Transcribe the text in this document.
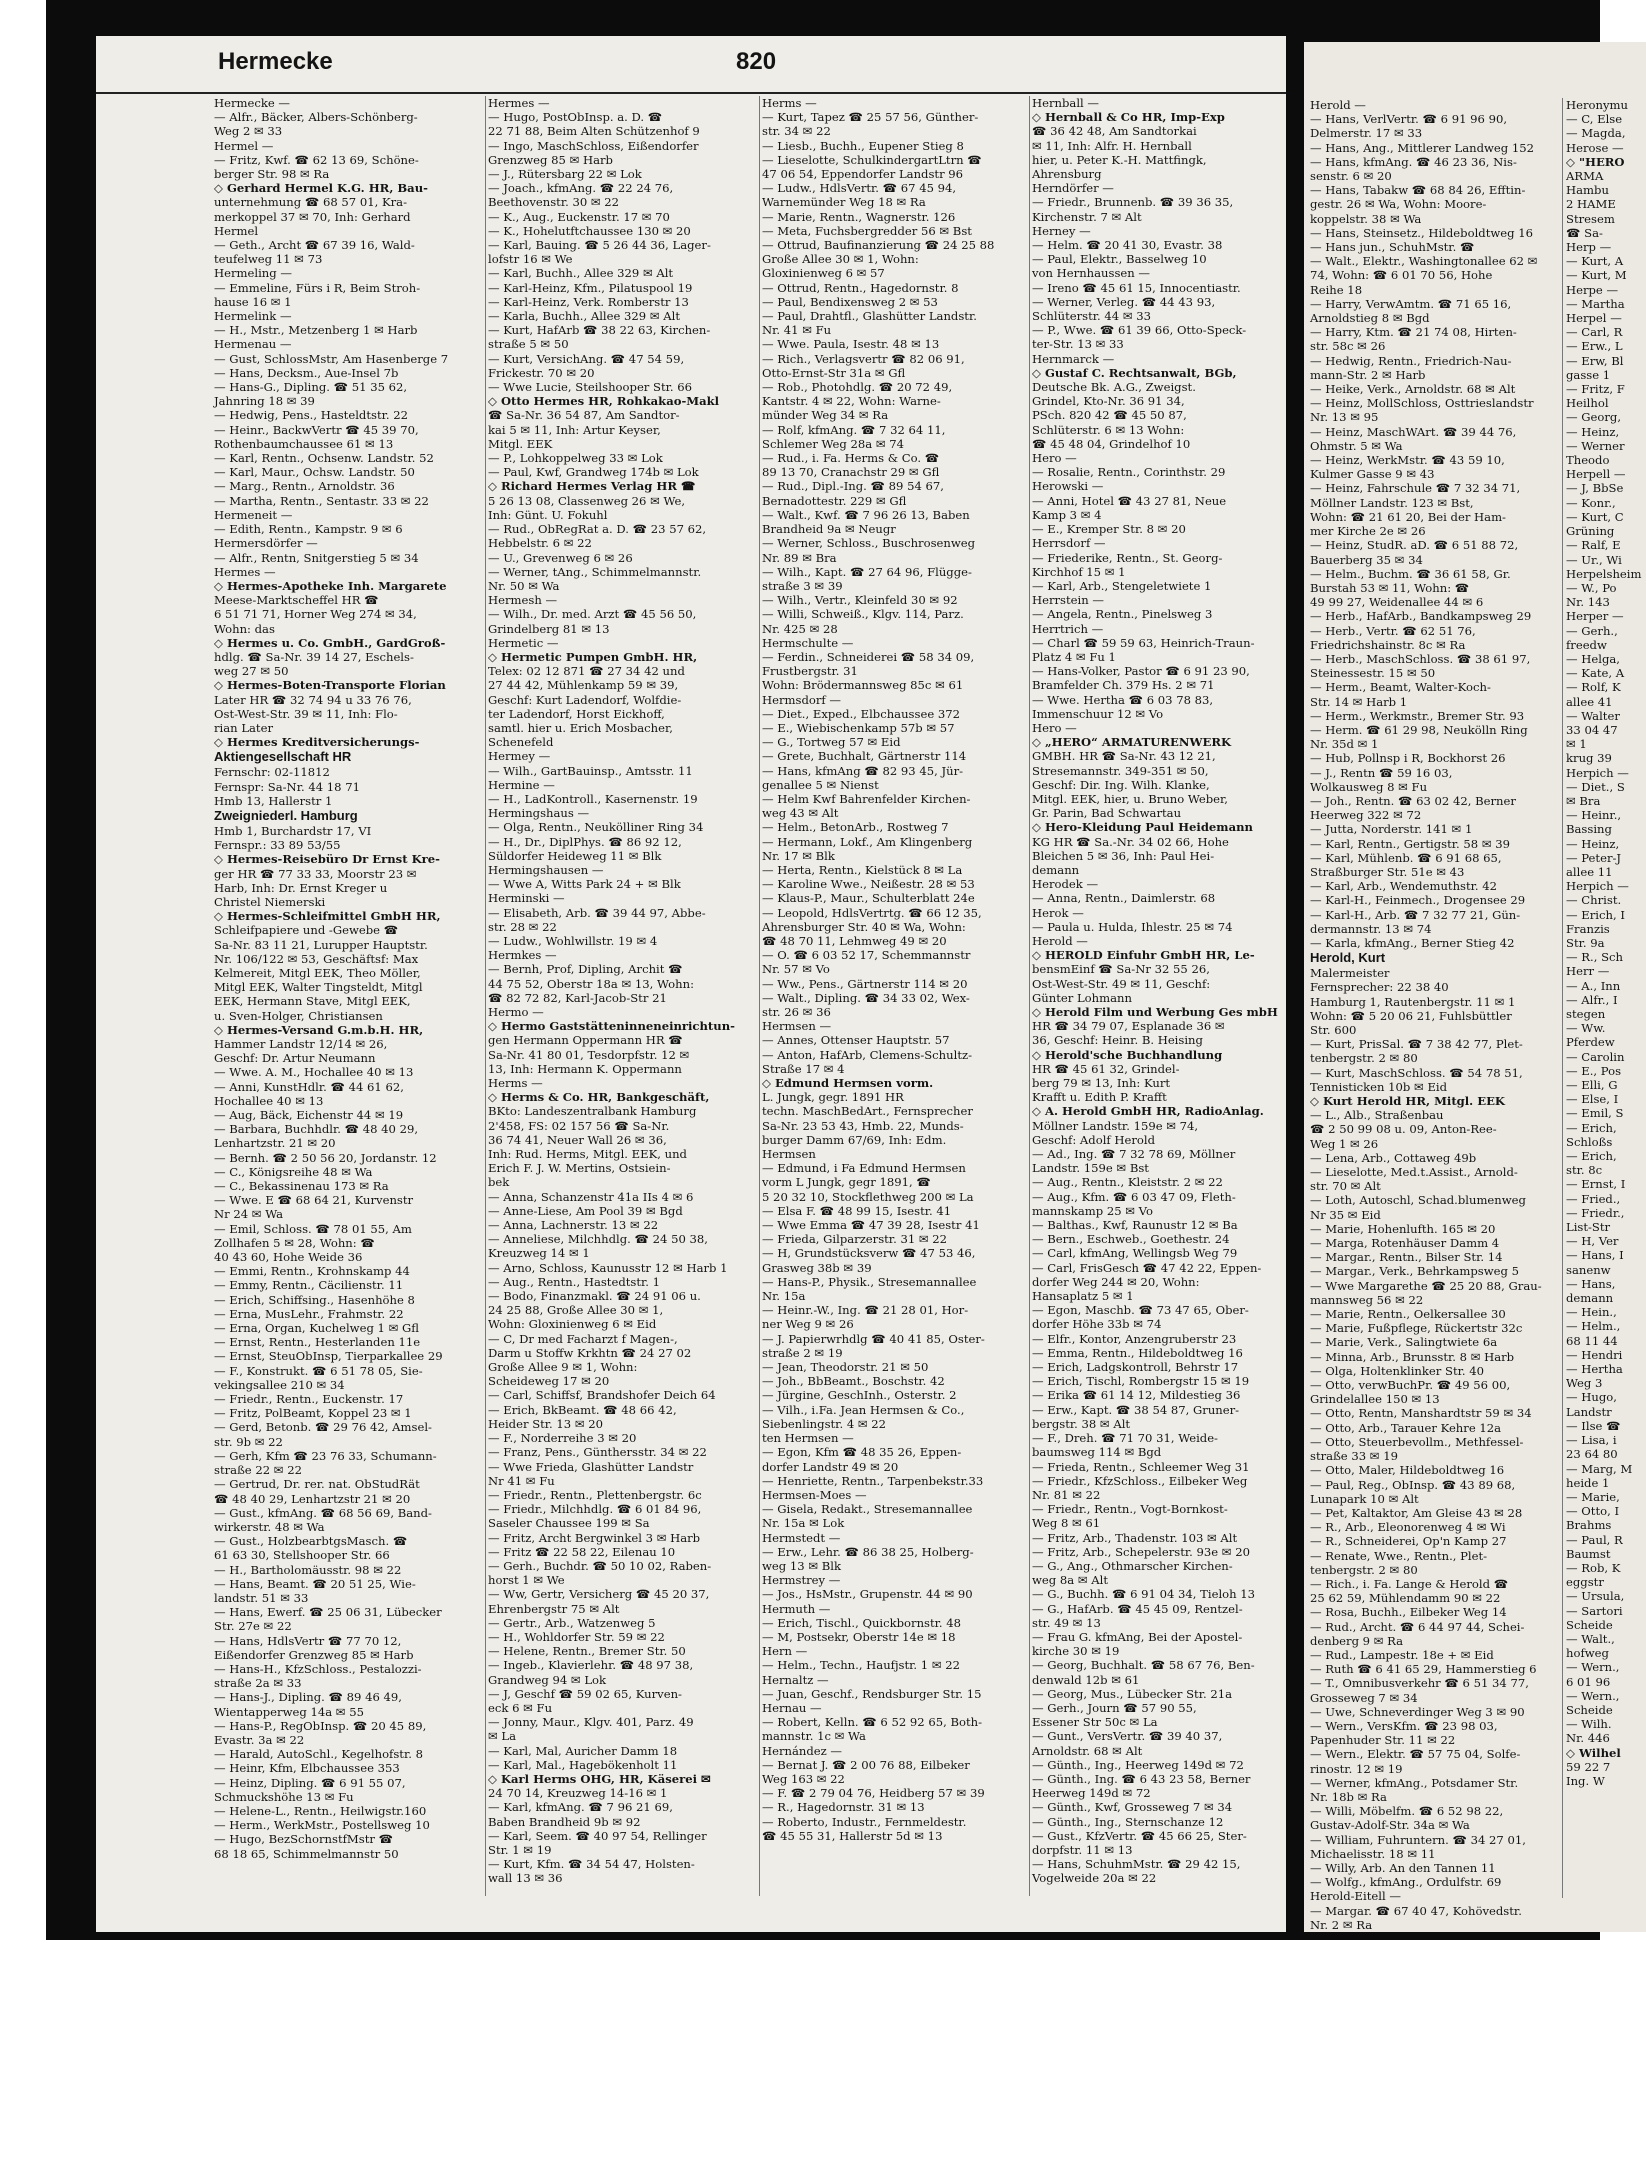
Hermecke	820
Hermecke —
— Alfr., Bäcker, Albers-Schönberg-
Weg 2 ✉ 33
Hermel —
— Fritz, Kwf. ☎ 62 13 69, Schöne-
berger Str. 98 ✉ Ra
◇ Gerhard Hermel K.G. HR, Bau-
unternehmung ☎ 68 57 01, Kra-
merkoppel 37 ✉ 70, Inh: Gerhard
Hermel
— Geth., Archt ☎ 67 39 16, Wald-
teufelweg 11 ✉ 73
Hermeling —
— Emmeline, Fürs i R, Beim Stroh-
hause 16 ✉ 1
Hermelink —
— H., Mstr., Metzenberg 1 ✉ Harb
Hermenau —
— Gust, SchlossMstr, Am Hasenberge 7
— Hans, Decksm., Aue-Insel 7b
— Hans-G., Dipling. ☎ 51 35 62,
Jahnring 18 ✉ 39
— Hedwig, Pens., Hasteldtstr. 22
— Heinr., BackwVertr ☎ 45 39 70,
Rothenbaumchaussee 61 ✉ 13
— Karl, Rentn., Ochsenw. Landstr. 52
— Karl, Maur., Ochsw. Landstr. 50
— Marg., Rentn., Arnoldstr. 36
— Martha, Rentn., Sentastr. 33 ✉ 22
Hermeneit —
— Edith, Rentn., Kampstr. 9 ✉ 6
Hermersdörfer —
— Alfr., Rentn, Snitgerstieg 5 ✉ 34
Hermes —
◇ Hermes-Apotheke Inh. Margarete
Meese-Marktscheffel HR ☎
6 51 71 71, Horner Weg 274 ✉ 34,
Wohn: das
◇ Hermes u. Co. GmbH., GardGroß-
hdlg. ☎ Sa-Nr. 39 14 27, Eschels-
weg 27 ✉ 50
◇ Hermes-Boten-Transporte Florian
Later HR ☎ 32 74 94 u 33 76 76,
Ost-West-Str. 39 ✉ 11, Inh: Flo-
rian Later
◇ Hermes Kreditversicherungs-
Aktiengesellschaft HR
Fernschr: 02-11812
Fernspr: Sa-Nr. 44 18 71
Hmb 13, Hallerstr 1
Zweigniederl. Hamburg
Hmb 1, Burchardstr 17, VI
Fernspr.: 33 89 53/55
◇ Hermes-Reisebüro Dr Ernst Kre-
ger HR ☎ 77 33 33, Moorstr 23 ✉
Harb, Inh: Dr. Ernst Kreger u
Christel Niemerski
◇ Hermes-Schleifmittel GmbH HR,
Schleifpapiere und -Gewebe ☎
Sa-Nr. 83 11 21, Lurupper Hauptstr.
Nr. 106/122 ✉ 53, Geschäftsf: Max
Kelmereit, Mitgl EEK, Theo Möller,
Mitgl EEK, Walter Tingsteldt, Mitgl
EEK, Hermann Stave, Mitgl EEK,
u. Sven-Holger, Christiansen
◇ Hermes-Versand G.m.b.H. HR,
Hammer Landstr 12/14 ✉ 26,
Geschf: Dr. Artur Neumann
— Wwe. A. M., Hochallee 40 ✉ 13
— Anni, KunstHdlr. ☎ 44 61 62,
Hochallee 40 ✉ 13
— Aug, Bäck, Eichenstr 44 ✉ 19
— Barbara, Buchhdlr. ☎ 48 40 29,
Lenhartzstr. 21 ✉ 20
— Bernh. ☎ 2 50 56 20, Jordanstr. 12
— C., Königsreihe 48 ✉ Wa
— C., Bekassinenau 173 ✉ Ra
— Wwe. E ☎ 68 64 21, Kurvenstr
Nr 24 ✉ Wa
— Emil, Schloss. ☎ 78 01 55, Am
Zollhafen 5 ✉ 28, Wohn: ☎
40 43 60, Hohe Weide 36
— Emmi, Rentn., Krohnskamp 44
— Emmy, Rentn., Cäcilienstr. 11
— Erich, Schiffsing., Hasenhöhe 8
— Erna, MusLehr., Frahmstr. 22
— Erna, Organ, Kuchelweg 1 ✉ Gfl
— Ernst, Rentn., Hesterlanden 11e
— Ernst, SteuObInsp, Tierparkallee 29
— F., Konstrukt. ☎ 6 51 78 05, Sie-
vekingsallee 210 ✉ 34
— Friedr., Rentn., Euckenstr. 17
— Fritz, PolBeamt, Koppel 23 ✉ 1
— Gerd, Betonb. ☎ 29 76 42, Amsel-
str. 9b ✉ 22
— Gerh, Kfm ☎ 23 76 33, Schumann-
straße 22 ✉ 22
— Gertrud, Dr. rer. nat. ObStudRät
☎ 48 40 29, Lenhartzstr 21 ✉ 20
— Gust., kfmAng. ☎ 68 56 69, Band-
wirkerstr. 48 ✉ Wa
— Gust., HolzbearbtgsMasch. ☎
61 63 30, Stellshooper Str. 66
— H., Bartholomäusstr. 98 ✉ 22
— Hans, Beamt. ☎ 20 51 25, Wie-
landstr. 51 ✉ 33
— Hans, Ewerf. ☎ 25 06 31, Lübecker
Str. 27e ✉ 22
— Hans, HdlsVertr ☎ 77 70 12,
Eißendorfer Grenzweg 85 ✉ Harb
— Hans-H., KfzSchloss., Pestalozzi-
straße 2a ✉ 33
— Hans-J., Dipling. ☎ 89 46 49,
Wientapperweg 14a ✉ 55
— Hans-P., RegObInsp. ☎ 20 45 89,
Evastr. 3a ✉ 22
— Harald, AutoSchl., Kegelhofstr. 8
— Heinr, Kfm, Elbchaussee 353
— Heinz, Dipling. ☎ 6 91 55 07,
Schmuckshöhe 13 ✉ Fu
— Helene-L., Rentn., Heilwigstr.160
— Herm., WerkMstr., Postellsweg 10
— Hugo, BezSchornstfMstr ☎
68 18 65, Schimmelmannstr 50
Hermes —
— Hugo, PostObInsp. a. D. ☎
22 71 88, Beim Alten Schützenhof 9
— Ingo, MaschSchloss, Eißendorfer
Grenzweg 85 ✉ Harb
— J., Rütersbarg 22 ✉ Lok
— Joach., kfmAng. ☎ 22 24 76,
Beethovenstr. 30 ✉ 22
— K., Aug., Euckenstr. 17 ✉ 70
— K., Hohelutftchaussee 130 ✉ 20
— Karl, Bauing. ☎ 5 26 44 36, Lager-
lofstr 16 ✉ We
— Karl, Buchh., Allee 329 ✉ Alt
— Karl-Heinz, Kfm., Pilatuspool 19
— Karl-Heinz, Verk. Romberstr 13
— Karla, Buchh., Allee 329 ✉ Alt
— Kurt, HafArb ☎ 38 22 63, Kirchen-
straße 5 ✉ 50
— Kurt, VersichAng. ☎ 47 54 59,
Frickestr. 70 ✉ 20
— Wwe Lucie, Steilshooper Str. 66
◇ Otto Hermes HR, Rohkakao-Makl
☎ Sa-Nr. 36 54 87, Am Sandtor-
kai 5 ✉ 11, Inh: Artur Keyser,
Mitgl. EEK
— P., Lohkoppelweg 33 ✉ Lok
— Paul, Kwf, Grandweg 174b ✉ Lok
◇ Richard Hermes Verlag HR ☎
5 26 13 08, Classenweg 26 ✉ We,
Inh: Günt. U. Fokuhl
— Rud., ObRegRat a. D. ☎ 23 57 62,
Hebbelstr. 6 ✉ 22
— U., Grevenweg 6 ✉ 26
— Werner, tAng., Schimmelmannstr.
Nr. 50 ✉ Wa
Hermesh —
— Wilh., Dr. med. Arzt ☎ 45 56 50,
Grindelberg 81 ✉ 13
Hermetic —
◇ Hermetic Pumpen GmbH. HR,
Telex: 02 12 871 ☎ 27 34 42 und
27 44 42, Mühlenkamp 59 ✉ 39,
Geschf: Kurt Ladendorf, Wolfdie-
ter Ladendorf, Horst Eickhoff,
samtl. hier u. Erich Mosbacher,
Schenefeld
Hermey —
— Wilh., GartBauinsp., Amtsstr. 11
Hermine —
— H., LadKontroll., Kasernenstr. 19
Hermingshaus —
— Olga, Rentn., Neukölliner Ring 34
— H., Dr., DiplPhys. ☎ 86 92 12,
Süldorfer Heideweg 11 ✉ Blk
Hermingshausen —
— Wwe A, Witts Park 24 + ✉ Blk
Herminski —
— Elisabeth, Arb. ☎ 39 44 97, Abbe-
str. 28 ✉ 22
— Ludw., Wohlwillstr. 19 ✉ 4
Hermkes —
— Bernh, Prof, Dipling, Archit ☎
44 75 52, Oberstr 18a ✉ 13, Wohn:
☎ 82 72 82, Karl-Jacob-Str 21
Hermo —
◇ Hermo Gaststätteninneneinrichtun-
gen Hermann Oppermann HR ☎
Sa-Nr. 41 80 01, Tesdorpfstr. 12 ✉
13, Inh: Hermann K. Oppermann
Herms —
◇ Herms & Co. HR, Bankgeschäft,
BKto: Landeszentralbank Hamburg
2'458, FS: 02 157 56 ☎ Sa-Nr.
36 74 41, Neuer Wall 26 ✉ 36,
Inh: Rud. Herms, Mitgl. EEK, und
Erich F. J. W. Mertins, Ostsiein-
bek
— Anna, Schanzenstr 41a IIs 4 ✉ 6
— Anne-Liese, Am Pool 39 ✉ Bgd
— Anna, Lachnerstr. 13 ✉ 22
— Anneliese, Milchhdlg. ☎ 24 50 38,
Kreuzweg 14 ✉ 1
— Arno, Schloss, Kaunusstr 12 ✉ Harb 1
— Aug., Rentn., Hastedtstr. 1
— Bodo, Finanzmakl. ☎ 24 91 06 u.
24 25 88, Große Allee 30 ✉ 1,
Wohn: Gloxinienweg 6 ✉ Eid
— C, Dr med Facharzt f Magen-,
Darm u Stoffw Krkhtn ☎ 24 27 02
Große Allee 9 ✉ 1, Wohn:
Scheideweg 17 ✉ 20
— Carl, Schiffsf, Brandshofer Deich 64
— Erich, BkBeamt. ☎ 48 66 42,
Heider Str. 13 ✉ 20
— F., Norderreihe 3 ✉ 20
— Franz, Pens., Günthersstr. 34 ✉ 22
— Wwe Frieda, Glashütter Landstr
Nr 41 ✉ Fu
— Friedr., Rentn., Plettenbergstr. 6c
— Friedr., Milchhdlg. ☎ 6 01 84 96,
Saseler Chaussee 199 ✉ Sa
— Fritz, Archt Bergwinkel 3 ✉ Harb
— Fritz ☎ 22 58 22, Eilenau 10
— Gerh., Buchdr. ☎ 50 10 02, Raben-
horst 1 ✉ We
— Ww, Gertr, Versicherg ☎ 45 20 37,
Ehrenbergstr 75 ✉ Alt
— Gertr., Arb., Watzenweg 5
— H., Wohldorfer Str. 59 ✉ 22
— Helene, Rentn., Bremer Str. 50
— Ingeb., Klavierlehr. ☎ 48 97 38,
Grandweg 94 ✉ Lok
— J, Geschf ☎ 59 02 65, Kurven-
eck 6 ✉ Fu
— Jonny, Maur., Klgv. 401, Parz. 49
✉ La
— Karl, Mal, Auricher Damm 18
— Karl, Mal., Hagebökenholt 11
◇ Karl Herms OHG, HR, Käserei ✉
24 70 14, Kreuzweg 14-16 ✉ 1
— Karl, kfmAng. ☎ 7 96 21 69,
Baben Brandheid 9b ✉ 92
— Karl, Seem. ☎ 40 97 54, Rellinger
Str. 1 ✉ 19
— Kurt, Kfm. ☎ 34 54 47, Holsten-
wall 13 ✉ 36
Herms —
— Kurt, Tapez ☎ 25 57 56, Günther-
str. 34 ✉ 22
— Liesb., Buchh., Eupener Stieg 8
— Lieselotte, SchulkindergartLtrn ☎
47 06 54, Eppendorfer Landstr 96
— Ludw., HdlsVertr. ☎ 67 45 94,
Warnemünder Weg 18 ✉ Ra
— Marie, Rentn., Wagnerstr. 126
— Meta, Fuchsbergredder 56 ✉ Bst
— Ottrud, Baufinanzierung ☎ 24 25 88
Große Allee 30 ✉ 1, Wohn:
Gloxinienweg 6 ✉ 57
— Ottrud, Rentn., Hagedornstr. 8
— Paul, Bendixensweg 2 ✉ 53
— Paul, Drahtfl., Glashütter Landstr.
Nr. 41 ✉ Fu
— Wwe. Paula, Isestr. 48 ✉ 13
— Rich., Verlagsvertr ☎ 82 06 91,
Otto-Ernst-Str 31a ✉ Gfl
— Rob., Photohdlg. ☎ 20 72 49,
Kantstr. 4 ✉ 22, Wohn: Warne-
münder Weg 34 ✉ Ra
— Rolf, kfmAng. ☎ 7 32 64 11,
Schlemer Weg 28a ✉ 74
— Rud., i. Fa. Herms & Co. ☎
89 13 70, Cranachstr 29 ✉ Gfl
— Rud., Dipl.-Ing. ☎ 89 54 67,
Bernadottestr. 229 ✉ Gfl
— Walt., Kwf. ☎ 7 96 26 13, Baben
Brandheid 9a ✉ Neugr
— Werner, Schloss., Buschrosenweg
Nr. 89 ✉ Bra
— Wilh., Kapt. ☎ 27 64 96, Flügge-
straße 3 ✉ 39
— Wilh., Vertr., Kleinfeld 30 ✉ 92
— Willi, Schweiß., Klgv. 114, Parz.
Nr. 425 ✉ 28
Hermschulte —
— Ferdin., Schneiderei ☎ 58 34 09,
Frustbergstr. 31
Wohn: Brödermannsweg 85c ✉ 61
Hermsdorf —
— Diet., Exped., Elbchaussee 372
— E., Wiebischenkamp 57b ✉ 57
— G., Tortweg 57 ✉ Eid
— Grete, Buchhalt, Gärtnerstr 114
— Hans, kfmAng ☎ 82 93 45, Jür-
genallee 5 ✉ Nienst
— Helm Kwf Bahrenfelder Kirchen-
weg 43 ✉ Alt
— Helm., BetonArb., Rostweg 7
— Hermann, Lokf., Am Klingenberg
Nr. 17 ✉ Blk
— Herta, Rentn., Kielstück 8 ✉ La
— Karoline Wwe., Neißestr. 28 ✉ 53
— Klaus-P., Maur., Schulterblatt 24e
— Leopold, HdlsVertrtg. ☎ 66 12 35,
Ahrensburger Str. 40 ✉ Wa, Wohn:
☎ 48 70 11, Lehmweg 49 ✉ 20
— O. ☎ 6 03 52 17, Schemmannstr
Nr. 57 ✉ Vo
— Ww., Pens., Gärtnerstr 114 ✉ 20
— Walt., Dipling. ☎ 34 33 02, Wex-
str. 26 ✉ 36
Hermsen —
— Annes, Ottenser Hauptstr. 57
— Anton, HafArb, Clemens-Schultz-
Straße 17 ✉ 4
◇ Edmund Hermsen vorm.
L. Jungk, gegr. 1891 HR
techn. MaschBedArt., Fernsprecher
Sa-Nr. 23 53 43, Hmb. 22, Munds-
burger Damm 67/69, Inh: Edm.
Hermsen
— Edmund, i Fa Edmund Hermsen
vorm L Jungk, gegr 1891, ☎
5 20 32 10, Stockflethweg 200 ✉ La
— Elsa F. ☎ 48 99 15, Isestr. 41
— Wwe Emma ☎ 47 39 28, Isestr 41
— Frieda, Gilparzerstr. 31 ✉ 22
— H, Grundstücksverw ☎ 47 53 46,
Grasweg 38b ✉ 39
— Hans-P., Physik., Stresemannallee
Nr. 15a
— Heinr.-W., Ing. ☎ 21 28 01, Hor-
ner Weg 9 ✉ 26
— J. Papierwrhdlg ☎ 40 41 85, Oster-
straße 2 ✉ 19
— Jean, Theodorstr. 21 ✉ 50
— Joh., BbBeamt., Boschstr. 42
— Jürgine, GeschInh., Osterstr. 2
— Vilh., i.Fa. Jean Hermsen & Co.,
Siebenlingstr. 4 ✉ 22
ten Hermsen —
— Egon, Kfm ☎ 48 35 26, Eppen-
dorfer Landstr 49 ✉ 20
— Henriette, Rentn., Tarpenbekstr.33
Hermsen-Moes —
— Gisela, Redakt., Stresemannallee
Nr. 15a ✉ Lok
Hermstedt —
— Erw., Lehr. ☎ 86 38 25, Holberg-
weg 13 ✉ Blk
Hermstrey —
— Jos., HsMstr., Grupenstr. 44 ✉ 90
Hermuth —
— Erich, Tischl., Quickbornstr. 48
— M, Postsekr, Oberstr 14e ✉ 18
Hern —
— Helm., Techn., Haufjstr. 1 ✉ 22
Hernaltz —
— Juan, Geschf., Rendsburger Str. 15
Hernau —
— Robert, Kelln. ☎ 6 52 92 65, Both-
mannstr. 1c ✉ Wa
Hernández —
— Bernat J. ☎ 2 00 76 88, Eilbeker
Weg 163 ✉ 22
— F. ☎ 2 79 04 76, Heidberg 57 ✉ 39
— R., Hagedornstr. 31 ✉ 13
— Roberto, Industr., Fernmeldestr.
☎ 45 55 31, Hallerstr 5d ✉ 13
Hernball —
◇ Hernball & Co HR, Imp-Exp
☎ 36 42 48, Am Sandtorkai
✉ 11, Inh: Alfr. H. Hernball
hier, u. Peter K.-H. Mattfingk,
Ahrensburg
Herndörfer —
— Friedr., Brunnenb. ☎ 39 36 35,
Kirchenstr. 7 ✉ Alt
Herney —
— Helm. ☎ 20 41 30, Evastr. 38
— Paul, Elektr., Basselweg 10
von Hernhaussen —
— Ireno ☎ 45 61 15, Innocentiastr.
— Werner, Verleg. ☎ 44 43 93,
Schlüterstr. 44 ✉ 33
— P., Wwe. ☎ 61 39 66, Otto-Speck-
ter-Str. 13 ✉ 33
Hernmarck —
◇ Gustaf C. Rechtsanwalt, BGb,
Deutsche Bk. A.G., Zweigst.
Grindel, Kto-Nr. 36 91 34,
PSch. 820 42 ☎ 45 50 87,
Schlüterstr. 6 ✉ 13 Wohn:
☎ 45 48 04, Grindelhof 10
Hero —
— Rosalie, Rentn., Corinthstr. 29
Herowski —
— Anni, Hotel ☎ 43 27 81, Neue
Kamp 3 ✉ 4
— E., Kremper Str. 8 ✉ 20
Herrsdorf —
— Friederike, Rentn., St. Georg-
Kirchhof 15 ✉ 1
— Karl, Arb., Stengeletwiete 1
Herrstein —
— Angela, Rentn., Pinelsweg 3
Herrtrich —
— Charl ☎ 59 59 63, Heinrich-Traun-
Platz 4 ✉ Fu 1
— Hans-Volker, Pastor ☎ 6 91 23 90,
Bramfelder Ch. 379 Hs. 2 ✉ 71
— Wwe. Hertha ☎ 6 03 78 83,
Immenschuur 12 ✉ Vo
Hero —
◇ „HERO“ ARMATURENWERK
GMBH. HR ☎ Sa-Nr. 43 12 21,
Stresemannstr. 349-351 ✉ 50,
Geschf: Dir. Ing. Wilh. Klanke,
Mitgl. EEK, hier, u. Bruno Weber,
Gr. Parin, Bad Schwartau
◇ Hero-Kleidung Paul Heidemann
KG HR ☎ Sa.-Nr. 34 02 66, Hohe
Bleichen 5 ✉ 36, Inh: Paul Hei-
demann
Herodek —
— Anna, Rentn., Daimlerstr. 68
Herok —
— Paula u. Hulda, Ihlestr. 25 ✉ 74
Herold —
◇ HEROLD Einfuhr GmbH HR, Le-
bensmEinf ☎ Sa-Nr 32 55 26,
Ost-West-Str. 49 ✉ 11, Geschf:
Günter Lohmann
◇ Herold Film und Werbung Ges mbH
HR ☎ 34 79 07, Esplanade 36 ✉
36, Geschf: Heinr. B. Heising
◇ Herold'sche Buchhandlung
HR ☎ 45 61 32, Grindel-
berg 79 ✉ 13, Inh: Kurt
Krafft u. Edith P. Krafft
◇ A. Herold GmbH HR, RadioAnlag.
Möllner Landstr. 159e ✉ 74,
Geschf: Adolf Herold
— Ad., Ing. ☎ 7 32 78 69, Möllner
Landstr. 159e ✉ Bst
— Aug., Rentn., Kleiststr. 2 ✉ 22
— Aug., Kfm. ☎ 6 03 47 09, Fleth-
mannskamp 25 ✉ Vo
— Balthas., Kwf, Raunustr 12 ✉ Ba
— Bern., Eschweb., Goethestr. 24
— Carl, kfmAng, Wellingsb Weg 79
— Carl, FrisGesch ☎ 47 42 22, Eppen-
dorfer Weg 244 ✉ 20, Wohn:
Hansaplatz 5 ✉ 1
— Egon, Maschb. ☎ 73 47 65, Ober-
dorfer Höhe 33b ✉ 74
— Elfr., Kontor, Anzengruberstr 23
— Emma, Rentn., Hildeboldtweg 16
— Erich, Ladgskontroll, Behrstr 17
— Erich, Tischl, Rombergstr 15 ✉ 19
— Erika ☎ 61 14 12, Mildestieg 36
— Erw., Kapt. ☎ 38 54 87, Gruner-
bergstr. 38 ✉ Alt
— F., Dreh. ☎ 71 70 31, Weide-
baumsweg 114 ✉ Bgd
— Frieda, Rentn., Schleemer Weg 31
— Friedr., KfzSchloss., Eilbeker Weg
Nr. 81 ✉ 22
— Friedr., Rentn., Vogt-Bornkost-
Weg 8 ✉ 61
— Fritz, Arb., Thadenstr. 103 ✉ Alt
— Fritz, Arb., Schepelerstr. 93e ✉ 20
— G., Ang., Othmarscher Kirchen-
weg 8a ✉ Alt
— G., Buchh. ☎ 6 91 04 34, Tieloh 13
— G., HafArb. ☎ 45 45 09, Rentzel-
str. 49 ✉ 13
— Frau G. kfmAng, Bei der Apostel-
kirche 30 ✉ 19
— Georg, Buchhalt. ☎ 58 67 76, Ben-
denwald 12b ✉ 61
— Georg, Mus., Lübecker Str. 21a
— Gerh., Journ ☎ 57 90 55,
Essener Str 50c ✉ La
— Gunt., VersVertr. ☎ 39 40 37,
Arnoldstr. 68 ✉ Alt
— Günth., Ing., Heerweg 149d ✉ 72
— Günth., Ing. ☎ 6 43 23 58, Berner
Heerweg 149d ✉ 72
— Günth., Kwf, Grosseweg 7 ✉ 34
— Günth., Ing., Sternschanze 12
— Gust., KfzVertr. ☎ 45 66 25, Ster-
dorpfstr. 11 ✉ 13
— Hans, SchuhmMstr. ☎ 29 42 15,
Vogelweide 20a ✉ 22
Herold —
— Hans, VerlVertr. ☎ 6 91 96 90,
Delmerstr. 17 ✉ 33
— Hans, Ang., Mittlerer Landweg 152
— Hans, kfmAng. ☎ 46 23 36, Nis-
senstr. 6 ✉ 20
— Hans, Tabakw ☎ 68 84 26, Efftin-
gestr. 26 ✉ Wa, Wohn: Moore-
koppelstr. 38 ✉ Wa
— Hans, Steinsetz., Hildeboldtweg 16
— Hans jun., SchuhMstr. ☎
— Walt., Elektr., Washingtonallee 62 ✉
74, Wohn: ☎ 6 01 70 56, Hohe
Reihe 18
— Harry, VerwAmtm. ☎ 71 65 16,
Arnoldstieg 8 ✉ Bgd
— Harry, Ktm. ☎ 21 74 08, Hirten-
str. 58c ✉ 26
— Hedwig, Rentn., Friedrich-Nau-
mann-Str. 2 ✉ Harb
— Heike, Verk., Arnoldstr. 68 ✉ Alt
— Heinz, MollSchloss, Osttrieslandstr
Nr. 13 ✉ 95
— Heinz, MaschWArt. ☎ 39 44 76,
Ohmstr. 5 ✉ Wa
— Heinz, WerkMstr. ☎ 43 59 10,
Kulmer Gasse 9 ✉ 43
— Heinz, Fahrschule ☎ 7 32 34 71,
Möllner Landstr. 123 ✉ Bst,
Wohn: ☎ 21 61 20, Bei der Ham-
mer Kirche 2e ✉ 26
— Heinz, StudR. aD. ☎ 6 51 88 72,
Bauerberg 35 ✉ 34
— Helm., Buchm. ☎ 36 61 58, Gr.
Burstah 53 ✉ 11, Wohn: ☎
49 99 27, Weidenallee 44 ✉ 6
— Herb., HafArb., Bandkampsweg 29
— Herb., Vertr. ☎ 62 51 76,
Friedrichshainstr. 8c ✉ Ra
— Herb., MaschSchloss. ☎ 38 61 97,
Steinessestr. 15 ✉ 50
— Herm., Beamt, Walter-Koch-
Str. 14 ✉ Harb 1
— Herm., Werkmstr., Bremer Str. 93
— Herm. ☎ 61 29 98, Neukölln Ring
Nr. 35d ✉ 1
— Hub, Pollnsp i R, Bockhorst 26
— J., Rentn ☎ 59 16 03,
Wolkausweg 8 ✉ Fu
— Joh., Rentn. ☎ 63 02 42, Berner
Heerweg 322 ✉ 72
— Jutta, Norderstr. 141 ✉ 1
— Karl, Rentn., Gertigstr. 58 ✉ 39
— Karl, Mühlenb. ☎ 6 91 68 65,
Straßburger Str. 51e ✉ 43
— Karl, Arb., Wendemuthstr. 42
— Karl-H., Feinmech., Drogensee 29
— Karl-H., Arb. ☎ 7 32 77 21, Gün-
dermannstr. 13 ✉ 74
— Karla, kfmAng., Berner Stieg 42
Herold, Kurt
Malermeister
Fernsprecher: 22 38 40
Hamburg 1, Rautenbergstr. 11 ✉ 1
Wohn: ☎ 5 20 06 21, Fuhlsbüttler
Str. 600
— Kurt, PrisSal. ☎ 7 38 42 77, Plet-
tenbergstr. 2 ✉ 80
— Kurt, MaschSchloss. ☎ 54 78 51,
Tennisticken 10b ✉ Eid
◇ Kurt Herold HR, Mitgl. EEK
— L., Alb., Straßenbau
☎ 2 50 99 08 u. 09, Anton-Ree-
Weg 1 ✉ 26
— Lena, Arb., Cottaweg 49b
— Lieselotte, Med.t.Assist., Arnold-
str. 70 ✉ Alt
— Loth, Autoschl, Schad.blumenweg
Nr 35 ✉ Eid
— Marie, Hohenlufth. 165 ✉ 20
— Marga, Rotenhäuser Damm 4
— Margar., Rentn., Bilser Str. 14
— Margar., Verk., Behrkampsweg 5
— Wwe Margarethe ☎ 25 20 88, Grau-
mannsweg 56 ✉ 22
— Marie, Rentn., Oelkersallee 30
— Marie, Fußpflege, Rückertstr 32c
— Marie, Verk., Salingtwiete 6a
— Minna, Arb., Brunsstr. 8 ✉ Harb
— Olga, Holtenklinker Str. 40
— Otto, verwBuchPr. ☎ 49 56 00,
Grindelallee 150 ✉ 13
— Otto, Rentn, Manshardtstr 59 ✉ 34
— Otto, Arb., Tarauer Kehre 12a
— Otto, Steuerbevollm., Methfessel-
straße 33 ✉ 19
— Otto, Maler, Hildeboldtweg 16
— Paul, Reg., ObInsp. ☎ 43 89 68,
Lunapark 10 ✉ Alt
— Pet, Kaltaktor, Am Gleise 43 ✉ 28
— R., Arb., Eleonorenweg 4 ✉ Wi
— R., Schneiderei, Op'n Kamp 27
— Renate, Wwe., Rentn., Plet-
tenbergstr. 2 ✉ 80
— Rich., i. Fa. Lange & Herold ☎
25 62 59, Mühlendamm 90 ✉ 22
— Rosa, Buchh., Eilbeker Weg 14
— Rud., Archt. ☎ 6 44 97 44, Schei-
denberg 9 ✉ Ra
— Rud., Lampestr. 18e + ✉ Eid
— Ruth ☎ 6 41 65 29, Hammerstieg 6
— T., Omnibusverkehr ☎ 6 51 34 77,
Grosseweg 7 ✉ 34
— Uwe, Schneverdinger Weg 3 ✉ 90
— Wern., VersKfm. ☎ 23 98 03,
Papenhuder Str. 11 ✉ 22
— Wern., Elektr. ☎ 57 75 04, Solfe-
rinostr. 12 ✉ 19
— Werner, kfmAng., Potsdamer Str.
Nr. 18b ✉ Ra
— Willi, Möbelfm. ☎ 6 52 98 22,
Gustav-Adolf-Str. 34a ✉ Wa
— William, Fuhruntern. ☎ 34 27 01,
Michaelisstr. 18 ✉ 11
— Willy, Arb. An den Tannen 11
— Wolfg., kfmAng., Ordulfstr. 69
Herold-Eitell —
— Margar. ☎ 67 40 47, Kohövedstr.
Nr. 2 ✉ Ra
Heronymu
— C, Else
— Magda,
Herose —
◇ "HERO
ARMA
Hambu
2 HAME
Stresem
☎ Sa-
Herp —
— Kurt, A
— Kurt, M
Herpe —
— Martha
Herpel —
— Carl, R
— Erw., L
— Erw, Bl
gasse 1
— Fritz, F
Heilhol
— Georg,
— Heinz,
— Werner
Theodo
Herpell —
— J, BbSe
— Konr.,
— Kurt, C
Grüning
— Ralf, E
— Ur., Wi
Herpelsheim
— W., Po
Nr. 143
Herper —
— Gerh.,
freedw
— Helga,
— Kate, A
— Rolf, K
allee 41
— Walter
33 04 47
✉ 1
krug 39
Herpich —
— Diet., S
✉ Bra
— Heinr.,
Bassing
— Heinz,
— Peter-J
allee 11
Herpich —
— Christ.
— Erich, I
Franzis
Str. 9a
— R., Sch
Herr —
— A., Inn
— Alfr., I
stegen
— Ww.
Pferdew
— Carolin
— E., Pos
— Elli, G
— Else, I
— Emil, S
— Erich,
Schloßs
— Erich,
str. 8c
— Ernst, I
— Fried.,
— Friedr.,
List-Str
— H, Ver
— Hans, I
sanenw
— Hans,
demann
— Hein.,
— Helm.,
68 11 44
— Hendri
— Hertha
Weg 3
— Hugo,
Landstr
— Ilse ☎
— Lisa, i
23 64 80
— Marg, M
heide 1
— Marie,
— Otto, I
Brahms
— Paul, R
Baumst
— Rob, K
eggstr
— Ursula,
— Sartori
Scheide
— Walt.,
hofweg
— Wern.,
6 01 96
— Wern.,
Scheide
— Wilh.
Nr. 446
◇ Wilhel
59 22 7
Ing. W
